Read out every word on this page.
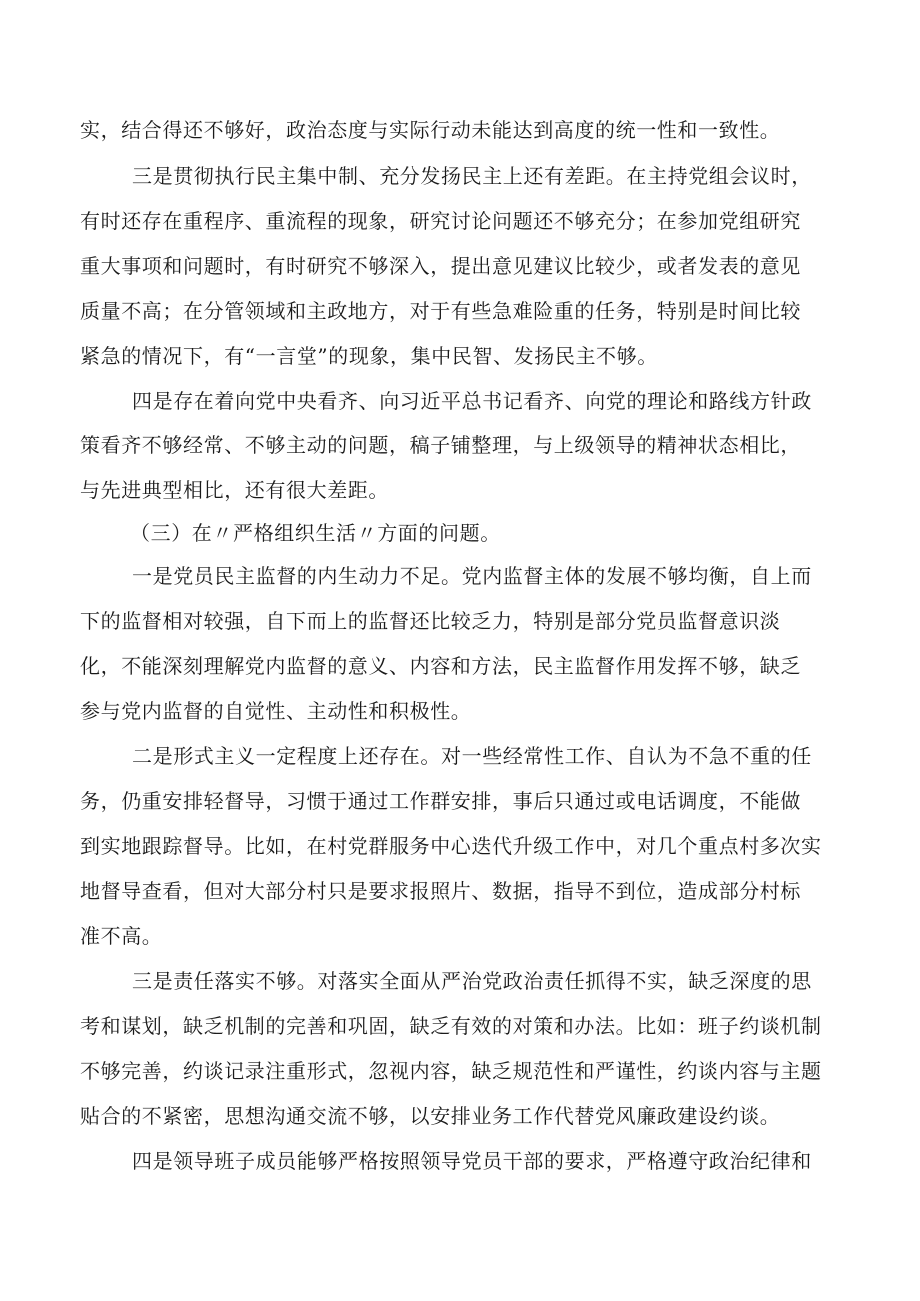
实，结合得还不够好，政治态度与实际行动未能达到高度的统一性和一致性。

三是贯彻执行民主集中制、充分发扬民主上还有差距。在主持党组会议时，

有时还存在重程序、重流程的现象，研究讨论问题还不够充分；在参加党组研究

重大事项和问题时，有时研究不够深入，提出意见建议比较少，或者发表的意见

质量不高；在分管领域和主政地方，对于有些急难险重的任务，特别是时间比较

紧急的情况下，有“一言堂”的现象，集中民智、发扬民主不够。

四是存在着向党中央看齐、向习近平总书记看齐、向党的理论和路线方针政

策看齐不够经常、不够主动的问题，稿子铺整理，与上级领导的精神状态相比，

与先进典型相比，还有很大差距。

（三）在〃严格组织生活〃方面的问题。

一是党员民主监督的内生动力不足。党内监督主体的发展不够均衡，自上而

下的监督相对较强，自下而上的监督还比较乏力，特别是部分党员监督意识淡

化，不能深刻理解党内监督的意义、内容和方法，民主监督作用发挥不够，缺乏

参与党内监督的自觉性、主动性和积极性。

二是形式主义一定程度上还存在。对一些经常性工作、自认为不急不重的任

务，仍重安排轻督导，习惯于通过工作群安排，事后只通过或电话调度，不能做

到实地跟踪督导。比如，在村党群服务中心迭代升级工作中，对几个重点村多次实

地督导查看，但对大部分村只是要求报照片、数据，指导不到位，造成部分村标

准不高。

三是责任落实不够。对落实全面从严治党政治责任抓得不实，缺乏深度的思

考和谋划，缺乏机制的完善和巩固，缺乏有效的对策和办法。比如：班子约谈机制

不够完善，约谈记录注重形式，忽视内容，缺乏规范性和严谨性，约谈内容与主题

贴合的不紧密，思想沟通交流不够，以安排业务工作代替党风廉政建设约谈。

四是领导班子成员能够严格按照领导党员干部的要求，严格遵守政治纪律和
